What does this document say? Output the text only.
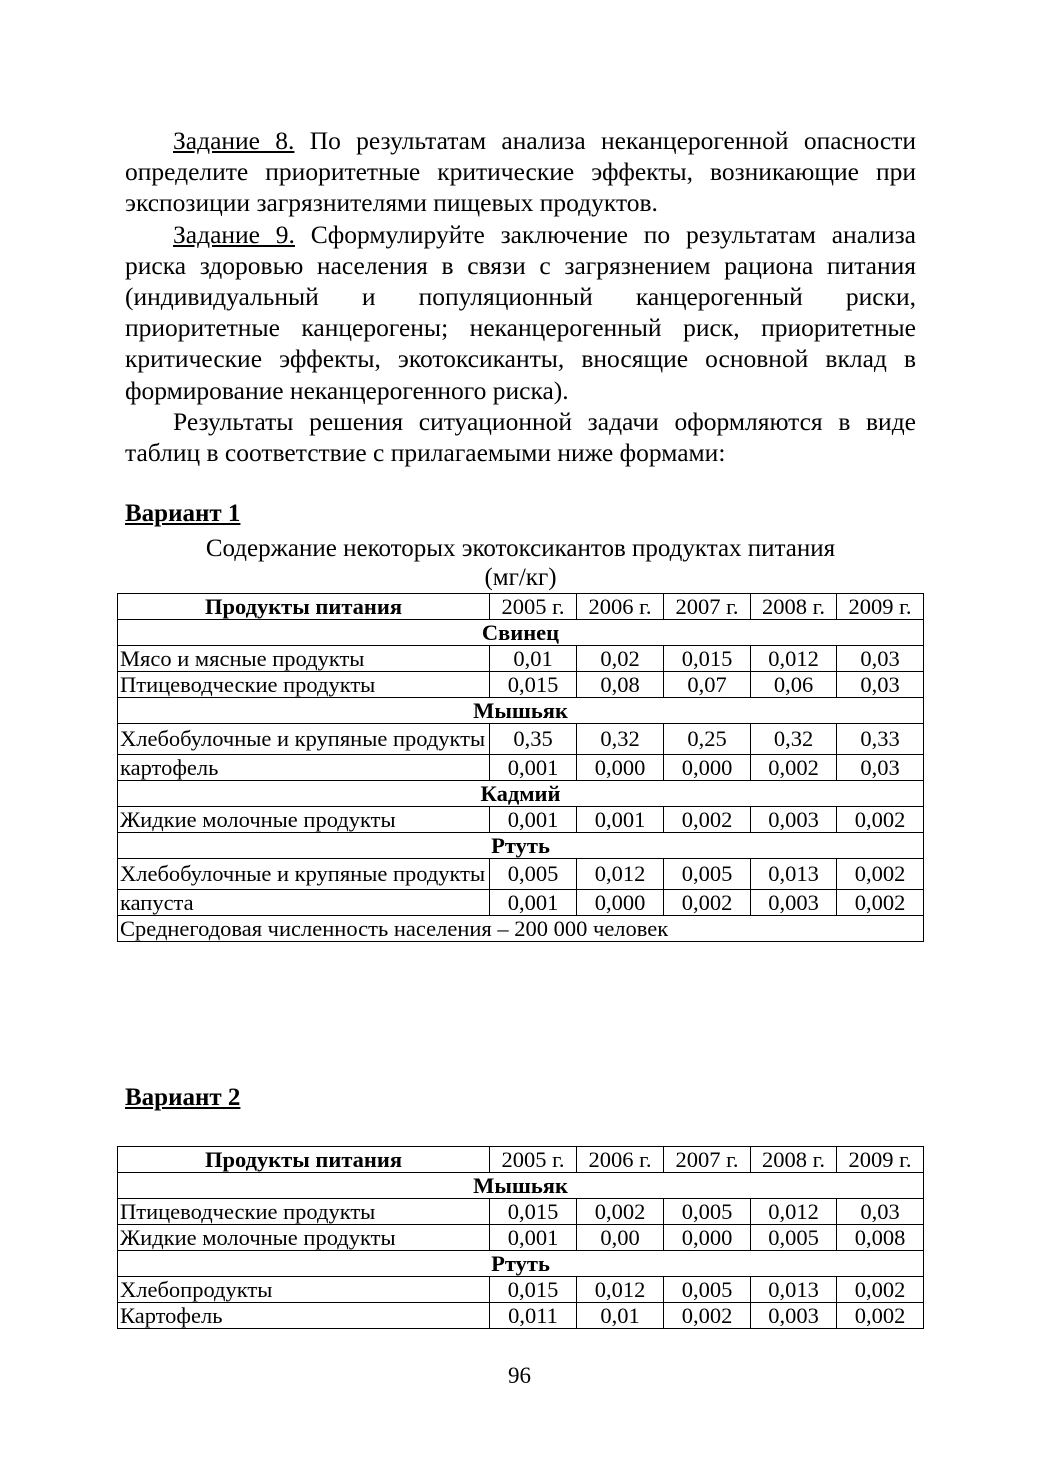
Задание 8. По результатам анализа неканцерогенной опасности определите приоритетные критические эффекты, возникающие при экспозиции загрязнителями пищевых продуктов.

Задание 9. Сформулируйте заключение по результатам анализа риска здоровью населения в связи с загрязнением рациона питания (индивидуальный и популяционный канцерогенный риски, приоритетные канцерогены; неканцерогенный риск, приоритетные критические эффекты, экотоксиканты, вносящие основной вклад в формирование неканцерогенного риска).

Результаты решения ситуационной задачи оформляются в виде таблиц в соответствие с прилагаемыми ниже формами:

Вариант 1

Содержание некоторых экотоксикантов продуктах питания
(мг/кг)
Продукты питания	2005 г.	2006 г.	2007 г.	2008 г.	2009 г.
Свинец					
Мясо и мясные продукты	0,01	0,02	0,015	0,012	0,03
Птицеводческие продукты	0,015	0,08	0,07	0,06	0,03
Мышьяк					
Хлебобулочные и крупяные продукты	0,35	0,32	0,25	0,32	0,33
картофель	0,001	0,000	0,000	0,002	0,03
Кадмий					
Жидкие молочные продукты	0,001	0,001	0,002	0,003	0,002
Ртуть					
Хлебобулочные и крупяные продукты	0,005	0,012	0,005	0,013	0,002
капуста	0,001	0,000	0,002	0,003	0,002
Среднегодовая численность населения – 200 000 человек					

Вариант 2

Продукты питания	2005 г.	2006 г.	2007 г.	2008 г.	2009 г.
Мышьяк					
Птицеводческие продукты	0,015	0,002	0,005	0,012	0,03
Жидкие молочные продукты	0,001	0,00	0,000	0,005	0,008
Ртуть					
Хлебопродукты	0,015	0,012	0,005	0,013	0,002
Картофель	0,011	0,01	0,002	0,003	0,002
96
